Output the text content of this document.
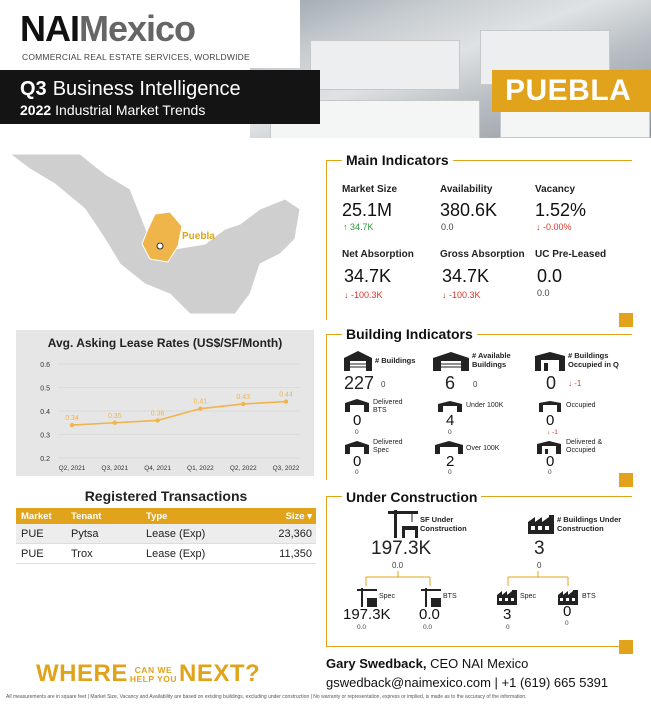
NAIMexico
COMMERCIAL REAL ESTATE SERVICES, WORLDWIDE
Q3 Business Intelligence
2022 Industrial Market Trends
PUEBLA
Puebla
Avg. Asking Lease Rates (US$/SF/Month)
0.6
0.5
0.4
0.3
0.2
0.34
Q2, 2021
0.35
Q3, 2021
0.36
Q4, 2021
0.41
Q1, 2022
0.43
Q2, 2022
0.44
Q3, 2022
Registered Transactions
Market	Tenant	Type	Size ▾
PUE	Pytsa	Lease (Exp)	23,360
PUE	Trox	Lease (Exp)	11,350
Main Indicators
Market Size
25.1M
↑ 34.7K
Availability
380.6K
0.0
Vacancy
1.52%
↓ -0.00%
Net Absorption
34.7K
↓ -100.3K
Gross Absorption
34.7K
↓ -100.3K
UC Pre-Leased
0.0
0.0
Building Indicators
# Buildings
227 0
# Available Buildings
6 0
# Buildings Occupied in Q
0 ↓ -1
Delivered BTS
0
0
Under 100K
4
0
Occupied
0
↓ -1
Delivered Spec
0
0
Over 100K
2
0
Delivered & Occupied
0
0
Under Construction
SF Under Construction
197.3K
0.0
# Buildings Under Construction
3
0
Spec
197.3K
0.0
BTS
0.0
0.0
Spec
3
0
BTS
0
0
WHERE CAN WE
HELP YOUNEXT?	Gary Swedback, CEO NAI Mexico
gswedback@naimexico.com | +1 (619) 665 5391
All measurements are in square feet | Market Size, Vacancy and Availability are based on existing buildings, excluding under construction | No warranty or representation, express or implied, is made as to the accuracy of the information.
